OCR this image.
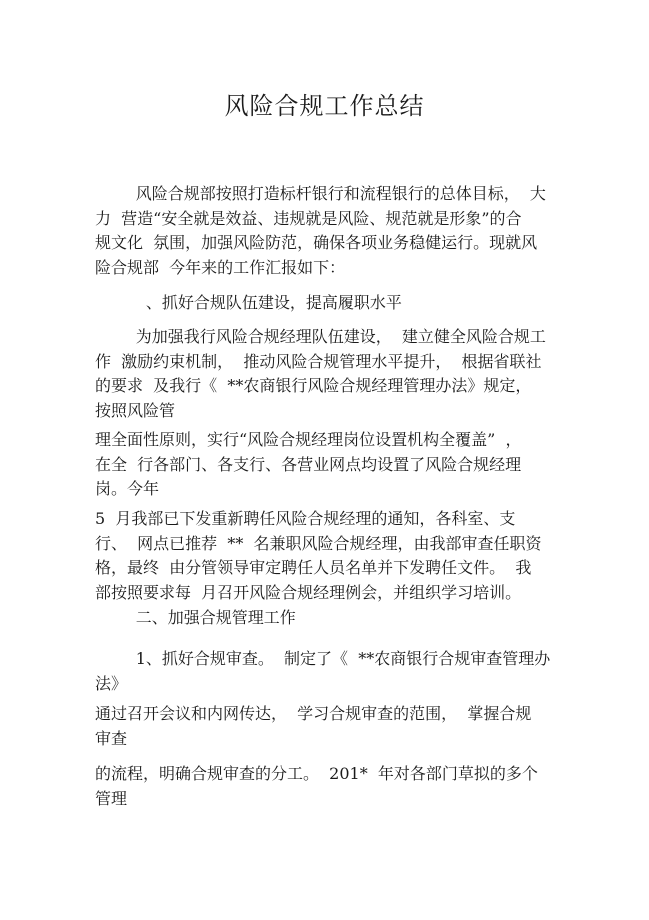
风险合规工作总结
风险合规部按照打造标杆银行和流程银行的总体目标，  大
力  营造“安全就是效益、违规就是风险、规范就是形象”的合
规文化  氛围，加强风险防范，确保各项业务稳健运行。现就风
险合规部  今年来的工作汇报如下：
、抓好合规队伍建设，提高履职水平
为加强我行风险合规经理队伍建设，  建立健全风险合规工
作  激励约束机制，  推动风险合规管理水平提升，  根据省联社
的要求  及我行《  **农商银行风险合规经理管理办法》规定，
按照风险管
理全面性原则，实行“风险合规经理岗位设置机构全覆盖”  ，
在全  行各部门、各支行、各营业网点均设置了风险合规经理
岗。今年
5  月我部已下发重新聘任风险合规经理的通知，各科室、支
行、  网点已推荐  **  名兼职风险合规经理，由我部审查任职资
格，最终  由分管领导审定聘任人员名单并下发聘任文件。  我
部按照要求每  月召开风险合规经理例会，并组织学习培训。
二、加强合规管理工作
1、抓好合规审查。  制定了《  **农商银行合规审查管理办
法》
通过召开会议和内网传达，  学习合规审查的范围，  掌握合规
审查
的流程，明确合规审查的分工。  201*  年对各部门草拟的多个
管理
